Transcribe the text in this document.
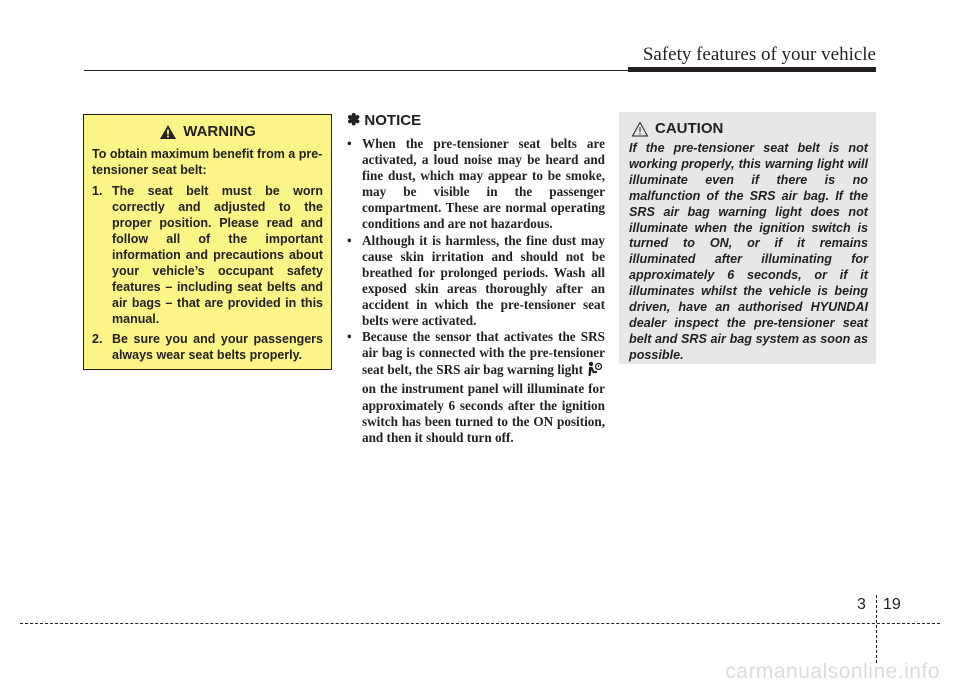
Safety features of your vehicle
WARNING

To obtain maximum benefit from a pre-tensioner seat belt:

1. The seat belt must be worn correctly and adjusted to the proper position. Please read and follow all of the important information and precautions about your vehicle’s occupant safety features – including seat belts and air bags – that are provided in this manual.
2. Be sure you and your passengers always wear seat belts properly.
✽ NOTICE
• When the pre-tensioner seat belts are activated, a loud noise may be heard and fine dust, which may appear to be smoke, may be visible in the passenger compartment. These are normal operating conditions and are not hazardous.
• Although it is harmless, the fine dust may cause skin irritation and should not be breathed for prolonged periods. Wash all exposed skin areas thoroughly after an accident in which the pre-tensioner seat belts were activated.
• Because the sensor that activates the SRS air bag is connected with the pre-tensioner seat belt, the SRS air bag warning lighton the instrument panel will illuminate for approximately 6 seconds after the ignition switch has been turned to the ON position, and then it should turn off.
CAUTION

If the pre-tensioner seat belt is not working properly, this warning light will illuminate even if there is no malfunction of the SRS air bag. If the SRS air bag warning light does not illuminate when the ignition switch is turned to ON, or if it remains illuminated after illuminating for approximately 6 seconds, or if it illuminates whilst the vehicle is being driven, have an authorised HYUNDAI dealer inspect the pre-tensioner seat belt and SRS air bag system as soon as possible.

3 19
carmanualsonline.info
